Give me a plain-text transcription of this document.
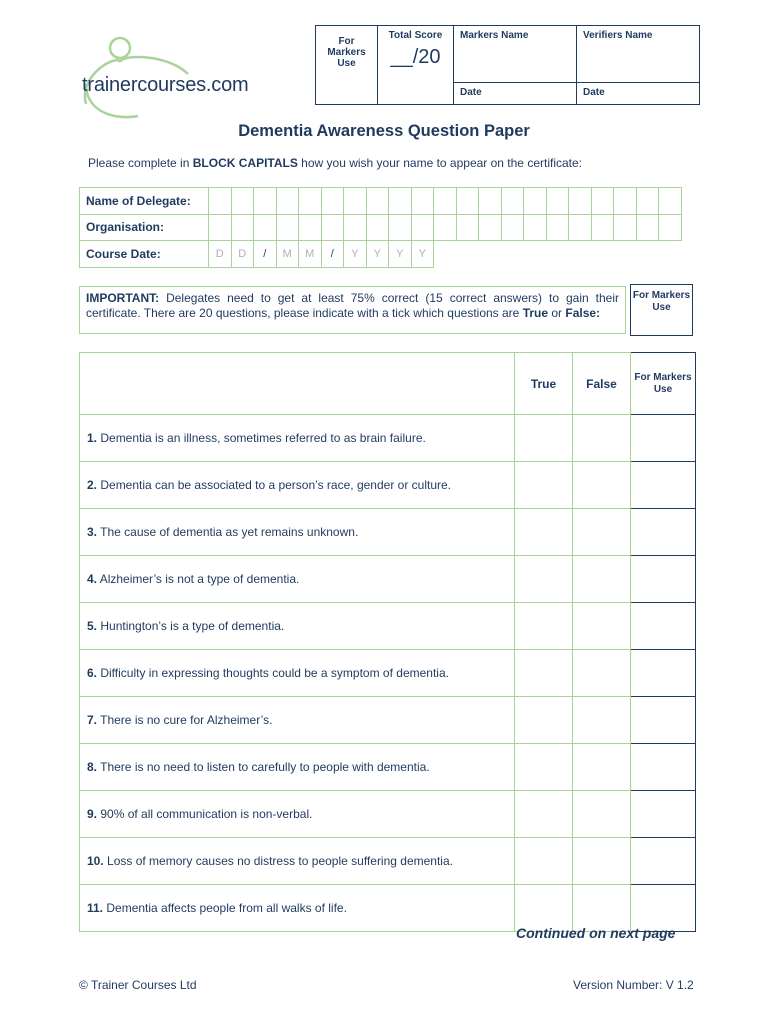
trainercourses.com
For Markers Use	Total Score
__/20	Markers Name	Verifiers Name
		Date	Date
Dementia Awareness Question Paper
Please complete in BLOCK CAPITALS how you wish your name to appear on the certificate:
Name of Delegate:																					
Organisation:																					
Course Date:	D	D	/	M	M	/	Y	Y	Y	Y											
IMPORTANT: Delegates need to get at least 75% correct (15 correct answers) to gain their certificate. There are 20 questions, please indicate with a tick which questions are True or False:
For Markers Use
	True	False	For Markers Use
1. Dementia is an illness, sometimes referred to as brain failure.			
2. Dementia can be associated to a person’s race, gender or culture.			
3. The cause of dementia as yet remains unknown.			
4. Alzheimer’s is not a type of dementia.			
5. Huntington’s is a type of dementia.			
6. Difficulty in expressing thoughts could be a symptom of dementia.			
7. There is no cure for Alzheimer’s.			
8. There is no need to listen to carefully to people with dementia.			
9. 90% of all communication is non-verbal.			
10. Loss of memory causes no distress to people suffering dementia.			
11. Dementia affects people from all walks of life.			
Continued on next page
© Trainer Courses Ltd	Version Number: V 1.2
